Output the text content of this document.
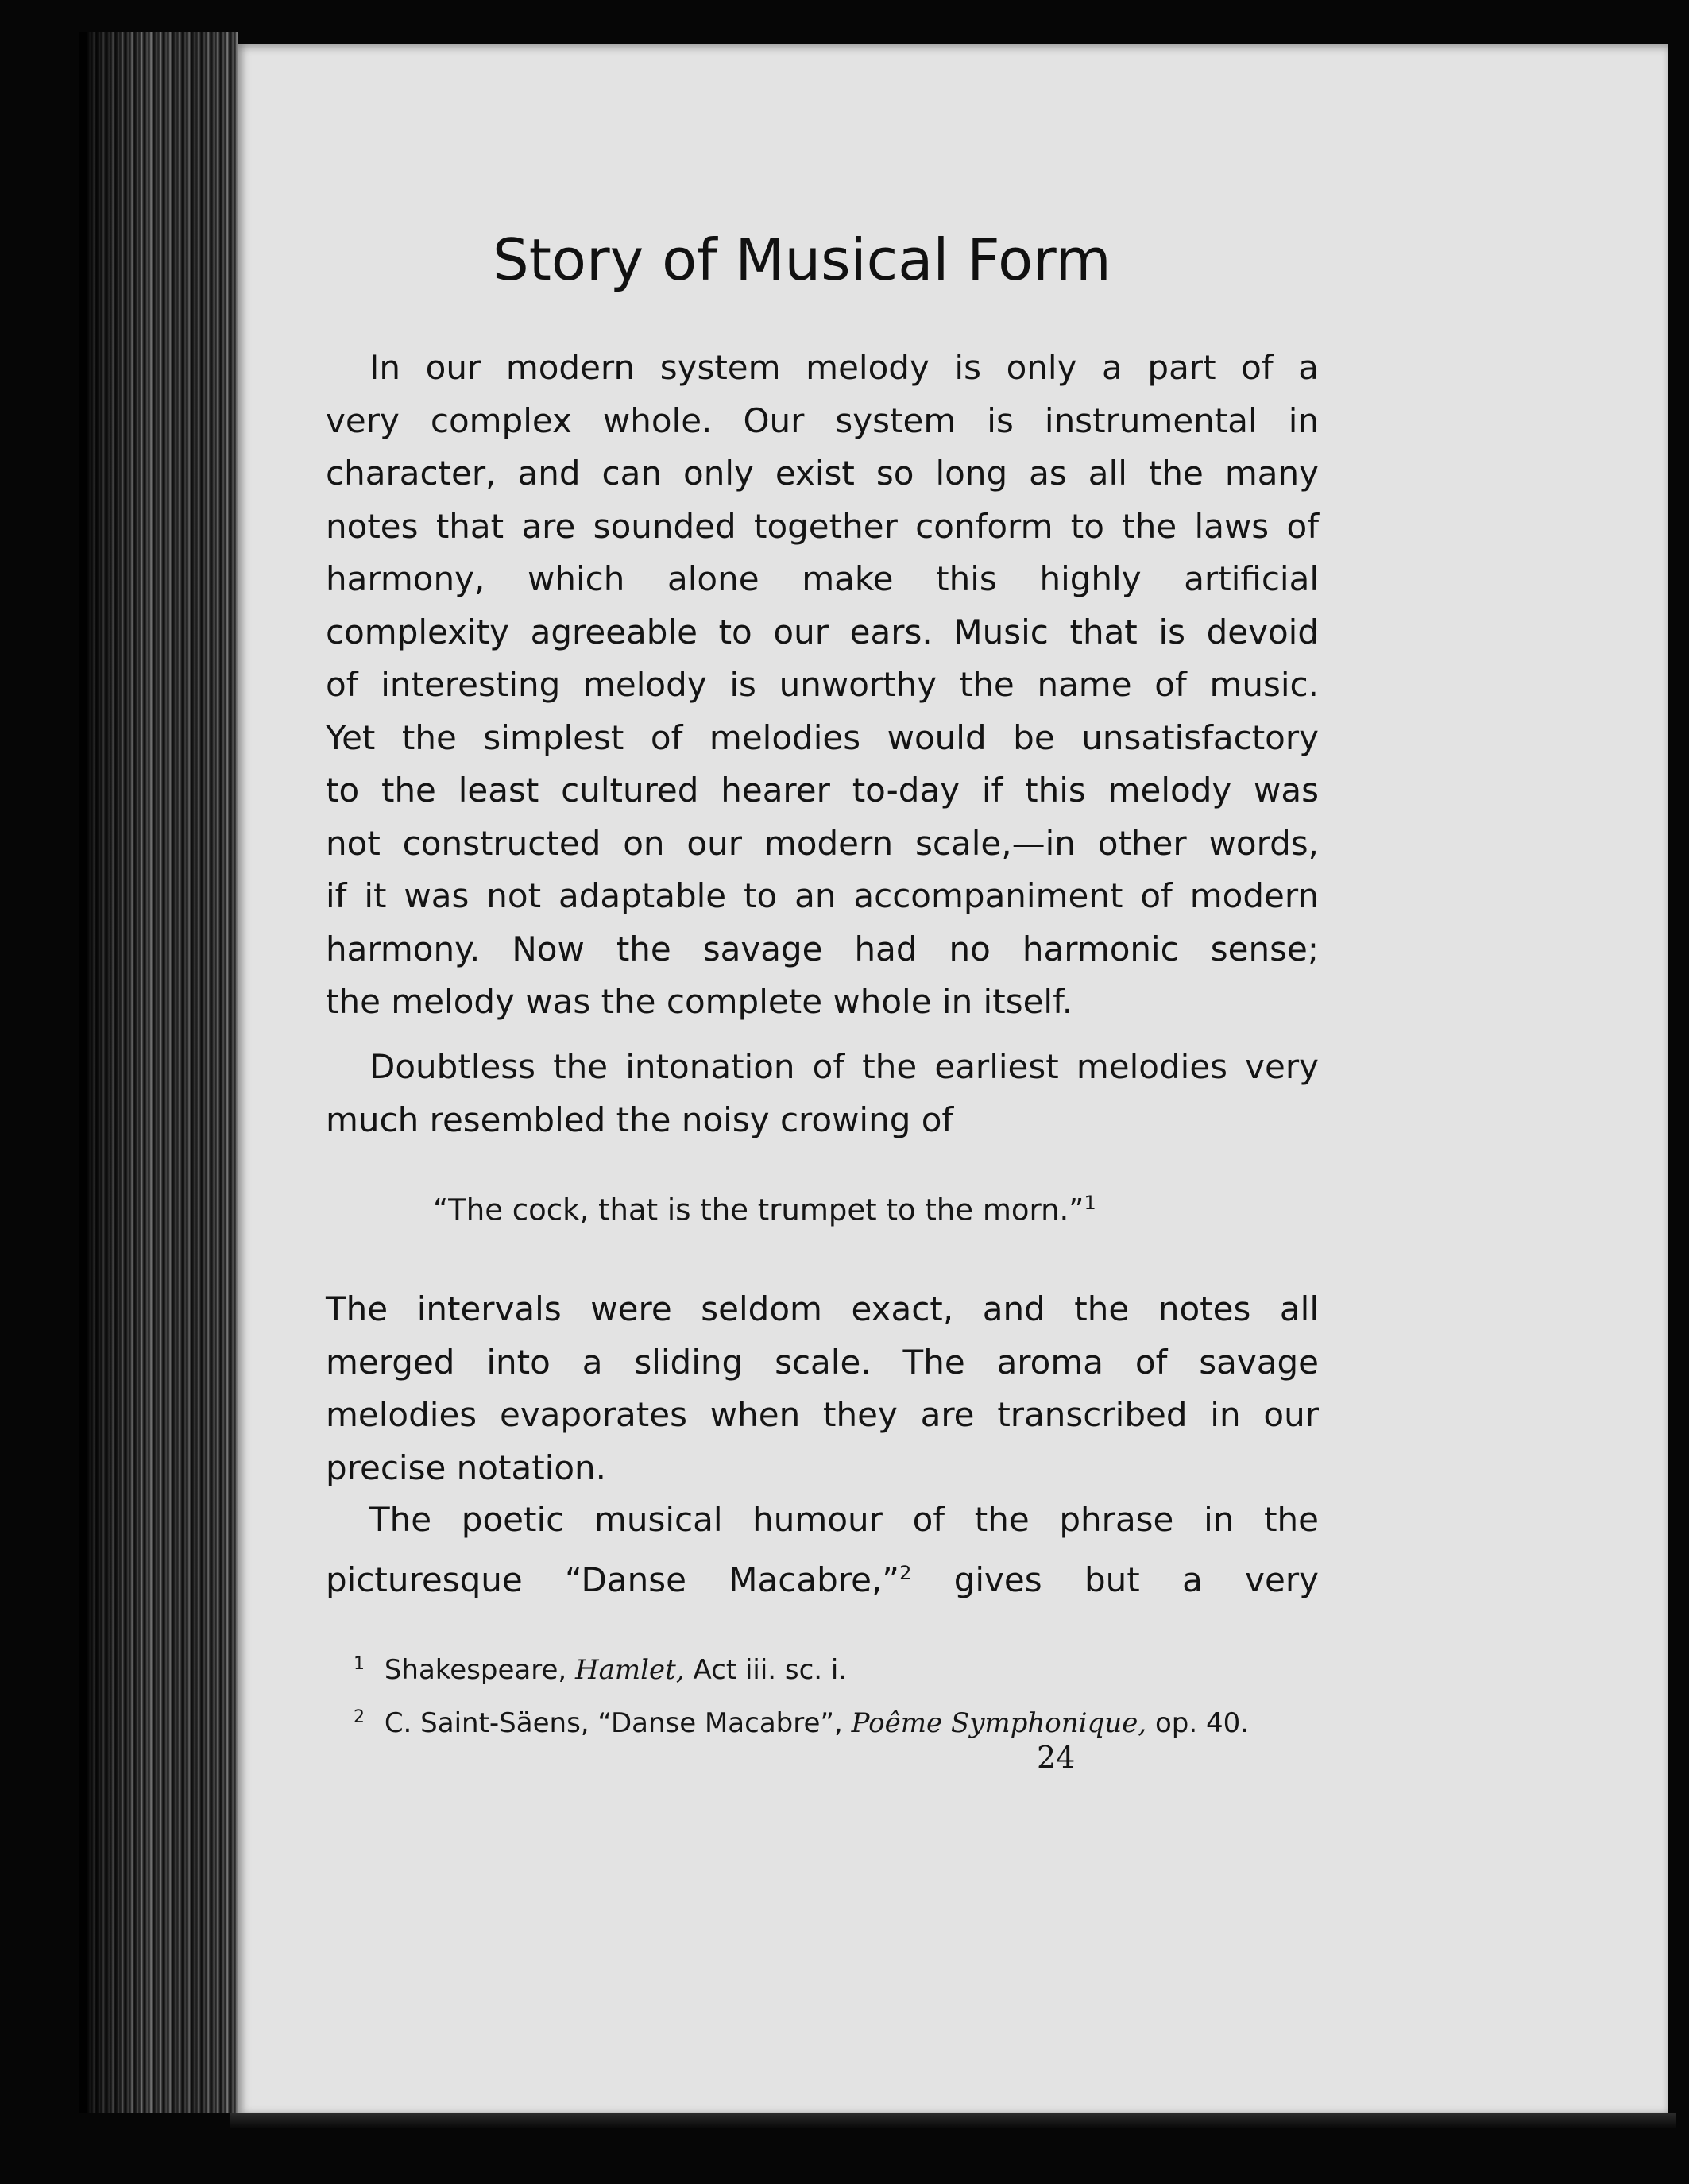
Story of Musical Form
In our modern system melody is only a part of a
very complex whole. Our system is instrumental in
character, and can only exist so long as all the many
notes that are sounded together conform to the laws of
harmony, which alone make this highly artificial
complexity agreeable to our ears. Music that is devoid
of interesting melody is unworthy the name of music.
Yet the simplest of melodies would be unsatisfactory
to the least cultured hearer to-day if this melody was
not constructed on our modern scale,—in other words,
if it was not adaptable to an accompaniment of modern
harmony. Now the savage had no harmonic sense;
the melody was the complete whole in itself.
Doubtless the intonation of the earliest melodies very
much resembled the noisy crowing of
“The cock, that is the trumpet to the morn.”$^1$
The intervals were seldom exact, and the notes all
merged into a sliding scale. The aroma of savage
melodies evaporates when they are transcribed in our
precise notation.
The poetic musical humour of the phrase in the
picturesque “Danse Macabre,”$^2$ gives but a very
$^1$ Shakespeare, Hamlet, Act iii. sc. i.
$^2$ C. Saint-Säens, “Danse Macabre”, Poême Symphonique, op. 40.
24
